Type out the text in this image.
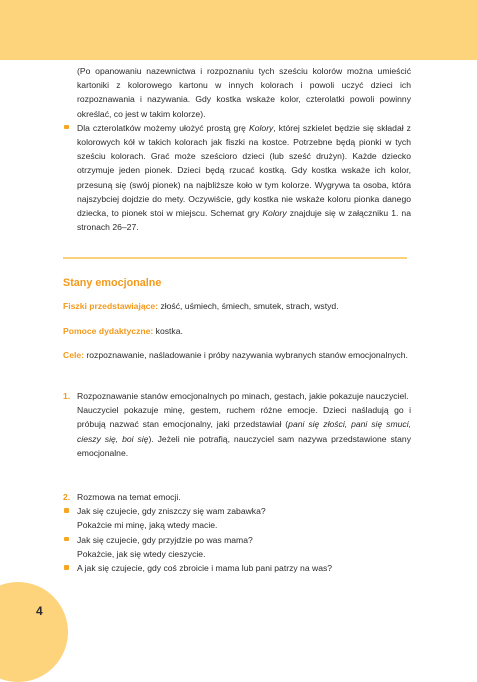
(Po opanowaniu nazewnictwa i rozpoznaniu tych sześciu kolorów można umieścić kartoniki z kolorowego kartonu w innych kolorach i powoli uczyć dzieci ich rozpoznawania i nazywania. Gdy kostka wskaże kolor, czterolatki powoli powinny określać, co jest w takim kolorze).
Dla czterolatków możemy ułożyć prostą grę Kolory, której szkielet będzie się składał z kolorowych kół w takich kolorach jak fiszki na kostce. Potrzebne będą pionki w tych sześciu kolorach. Grać może sześcioro dzieci (lub sześć drużyn). Każde dziecko otrzymuje jeden pionek. Dzieci będą rzucać kostką. Gdy kostka wskaże ich kolor, przesuną się (swój pionek) na najbliższe koło w tym kolorze. Wygrywa ta osoba, która najszybciej dojdzie do mety. Oczywiście, gdy kostka nie wskaże koloru pionka danego dziecka, to pionek stoi w miejscu. Schemat gry Kolory znajduje się w załączniku 1. na stronach 26–27.
Stany emocjonalne
Fiszki przedstawiające: złość, uśmiech, śmiech, smutek, strach, wstyd.
Pomoce dydaktyczne: kostka.
Cele: rozpoznawanie, naśladowanie i próby nazywania wybranych stanów emocjonalnych.
1. Rozpoznawanie stanów emocjonalnych po minach, gestach, jakie pokazuje nauczyciel.
Nauczyciel pokazuje minę, gestem, ruchem różne emocje. Dzieci naśladują go i próbują nazwać stan emocjonalny, jaki przedstawiał (pani się złości, pani się smuci, cieszy się, boi się). Jeżeli nie potrafią, nauczyciel sam nazywa przedstawione stany emocjonalne.
2. Rozmowa na temat emocji.
Jak się czujecie, gdy zniszczy się wam zabawka?
Pokażcie mi minę, jaką wtedy macie.
Jak się czujecie, gdy przyjdzie po was mama?
Pokażcie, jak się wtedy cieszycie.
A jak się czujecie, gdy coś zbroicie i mama lub pani patrzy na was?
4
